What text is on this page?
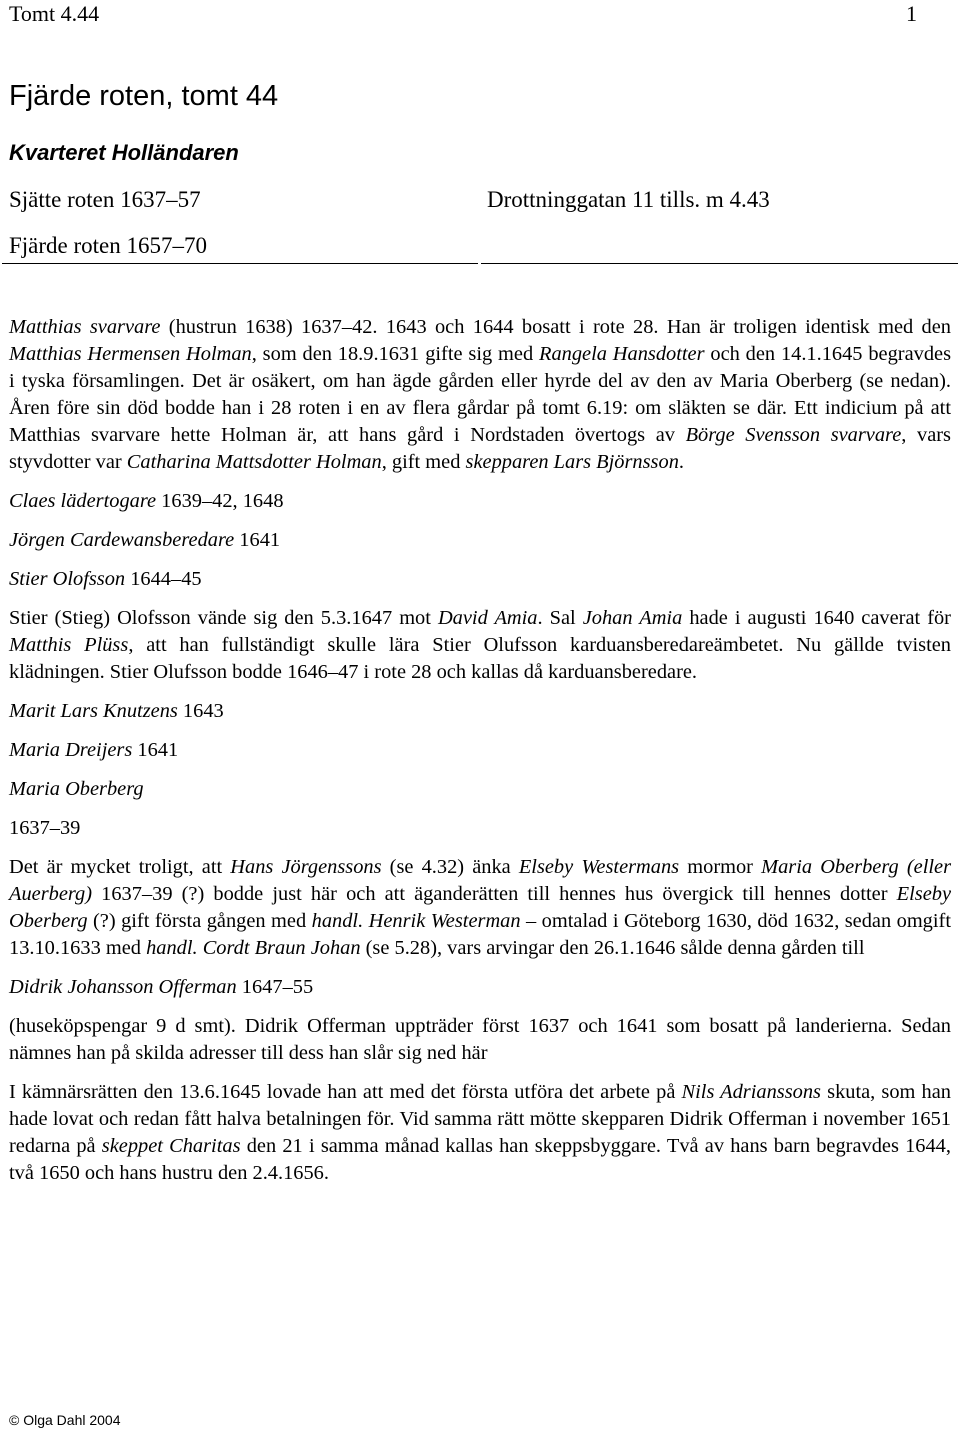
Tomt 4.44	1
Fjärde roten, tomt 44
Kvarteret Holländaren
Sjätte roten 1637–57	Drottninggatan 11 tills. m 4.43
Fjärde roten 1657–70

Matthias svarvare (hustrun 1638) 1637–42. 1643 och 1644 bosatt i rote 28. Han är troligen identisk med den Matthias Hermensen Holman, som den 18.9.1631 gifte sig med Rangela Hansdotter och den 14.1.1645 begravdes i tyska församlingen. Det är osäkert, om han ägde gården eller hyrde del av den av Maria Oberberg (se nedan). Åren före sin död bodde han i 28 roten i en av flera gårdar på tomt 6.19: om släkten se där. Ett indicium på att Matthias svarvare hette Holman är, att hans gård i Nordstaden övertogs av Börge Svensson svarvare, vars styvdotter var Catharina Mattsdotter Holman, gift med skepparen Lars Björnsson.

Claes lädertogare 1639–42, 1648

Jörgen Cardewansberedare 1641

Stier Olofsson 1644–45

Stier (Stieg) Olofsson vände sig den 5.3.1647 mot David Amia. Sal Johan Amia hade i augusti 1640 caverat för Matthis Plüss, att han fullständigt skulle lära Stier Olufsson karduansberedareämbetet. Nu gällde tvisten klädningen. Stier Olufsson bodde 1646–47 i rote 28 och kallas då karduansberedare.

Marit Lars Knutzens 1643

Maria Dreijers 1641

Maria Oberberg

1637–39

Det är mycket troligt, att Hans Jörgenssons (se 4.32) änka Elseby Westermans mormor Maria Oberberg (eller Auerberg) 1637–39 (?) bodde just här och att äganderätten till hennes hus övergick till hennes dotter Elseby Oberberg (?) gift första gången med handl. Henrik Westerman – omtalad i Göteborg 1630, död 1632, sedan omgift 13.10.1633 med handl. Cordt Braun Johan (se 5.28), vars arvingar den 26.1.1646 sålde denna gården till

Didrik Johansson Offerman 1647–55

(huseköpspengar 9 d smt). Didrik Offerman uppträder först 1637 och 1641 som bosatt på landerierna. Sedan nämnes han på skilda adresser till dess han slår sig ned här

I kämnärsrätten den 13.6.1645 lovade han att med det första utföra det arbete på Nils Adrianssons skuta, som han hade lovat och redan fått halva betalningen för. Vid samma rätt mötte skepparen Didrik Offerman i november 1651 redarna på skeppet Charitas den 21 i samma månad kallas han skeppsbyggare. Två av hans barn begravdes 1644, två 1650 och hans hustru den 2.4.1656.

© Olga Dahl 2004
